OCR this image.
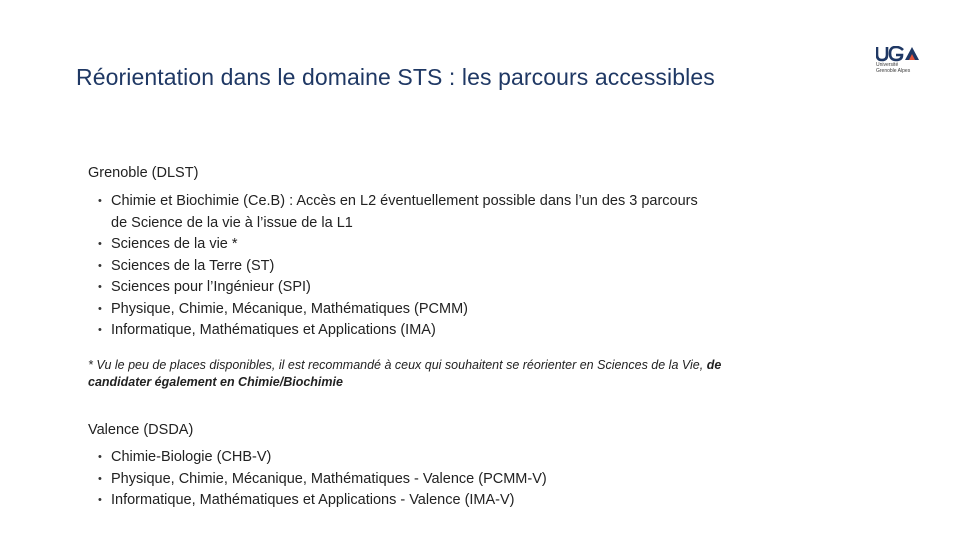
Réorientation dans le domaine STS : les parcours accessibles	Université
Grenoble Alpes
Grenoble (DLST)
• Chimie et Biochimie (Ce.B) : Accès en L2 éventuellement possible dans l’un des 3 parcours de Science de la vie à l’issue de la L1
• Sciences de la vie *
• Sciences de la Terre (ST)
• Sciences pour l’Ingénieur (SPI)
• Physique, Chimie, Mécanique, Mathématiques (PCMM)
• Informatique, Mathématiques et Applications (IMA)
* Vu le peu de places disponibles, il est recommandé à ceux qui souhaitent se réorienter en Sciences de la Vie, de candidater également en Chimie/Biochimie
Valence (DSDA)
• Chimie-Biologie (CHB-V)
• Physique, Chimie, Mécanique, Mathématiques - Valence (PCMM-V)
• Informatique, Mathématiques et Applications - Valence (IMA-V)
